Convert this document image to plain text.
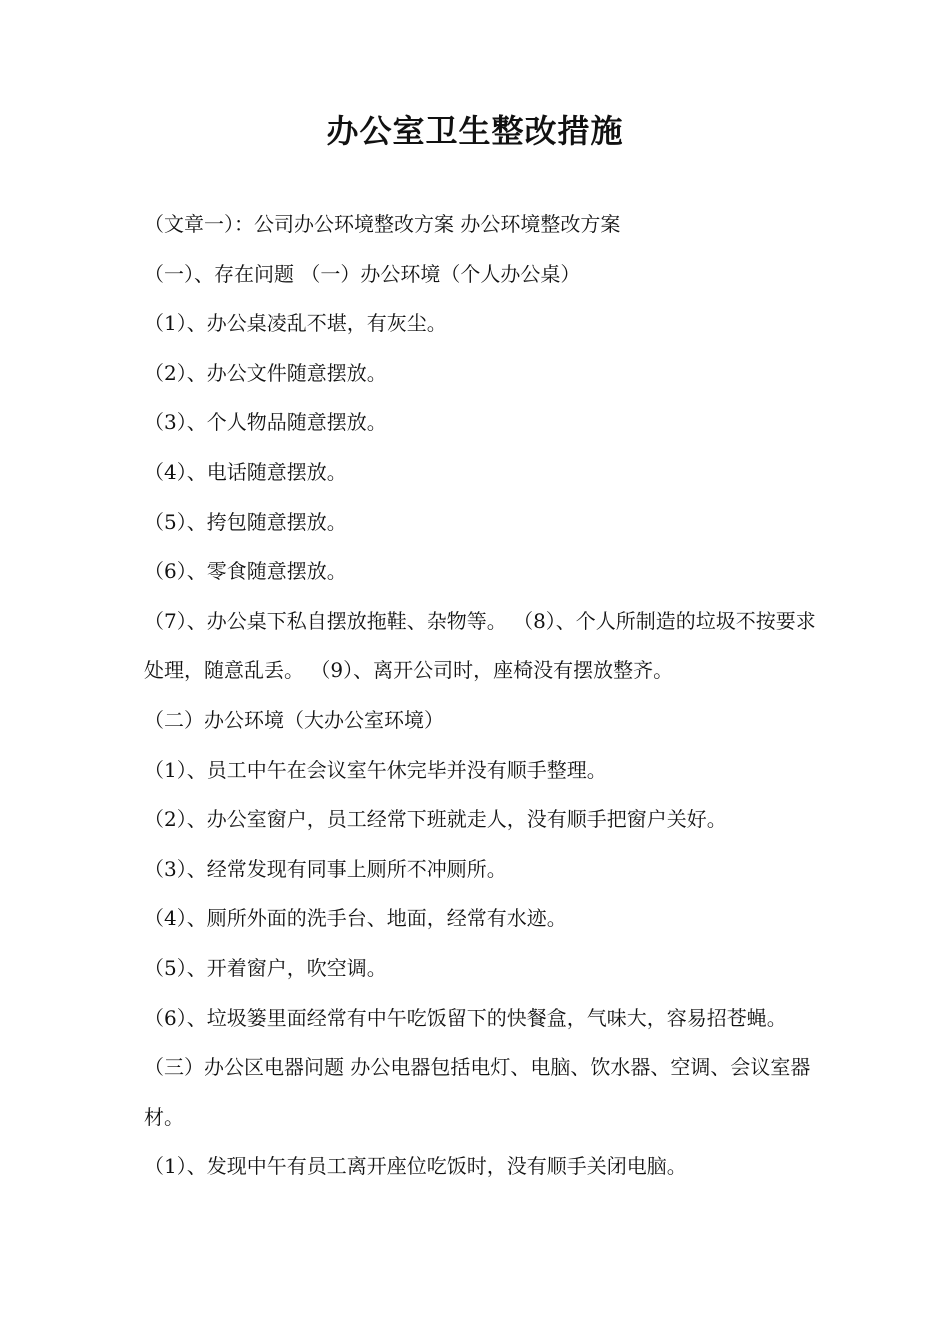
办公室卫生整改措施

（文章一）：公司办公环境整改方案 办公环境整改方案

（一）、存在问题 （一）办公环境（个人办公桌）

（1）、办公桌凌乱不堪，有灰尘。

（2）、办公文件随意摆放。

（3）、个人物品随意摆放。

（4）、电话随意摆放。

（5）、挎包随意摆放。

（6）、零食随意摆放。

（7）、办公桌下私自摆放拖鞋、杂物等。 （8）、个人所制造的垃圾不按要求处理，随意乱丢。 （9）、离开公司时，座椅没有摆放整齐。

（二）办公环境（大办公室环境）

（1）、员工中午在会议室午休完毕并没有顺手整理。

（2）、办公室窗户，员工经常下班就走人，没有顺手把窗户关好。

（3）、经常发现有同事上厕所不冲厕所。

（4）、厕所外面的洗手台、地面，经常有水迹。

（5）、开着窗户，吹空调。

（6）、垃圾篓里面经常有中午吃饭留下的快餐盒，气味大，容易招苍蝇。 （三）办公区电器问题 办公电器包括电灯、电脑、饮水器、空调、会议室器材。

（1）、发现中午有员工离开座位吃饭时，没有顺手关闭电脑。
